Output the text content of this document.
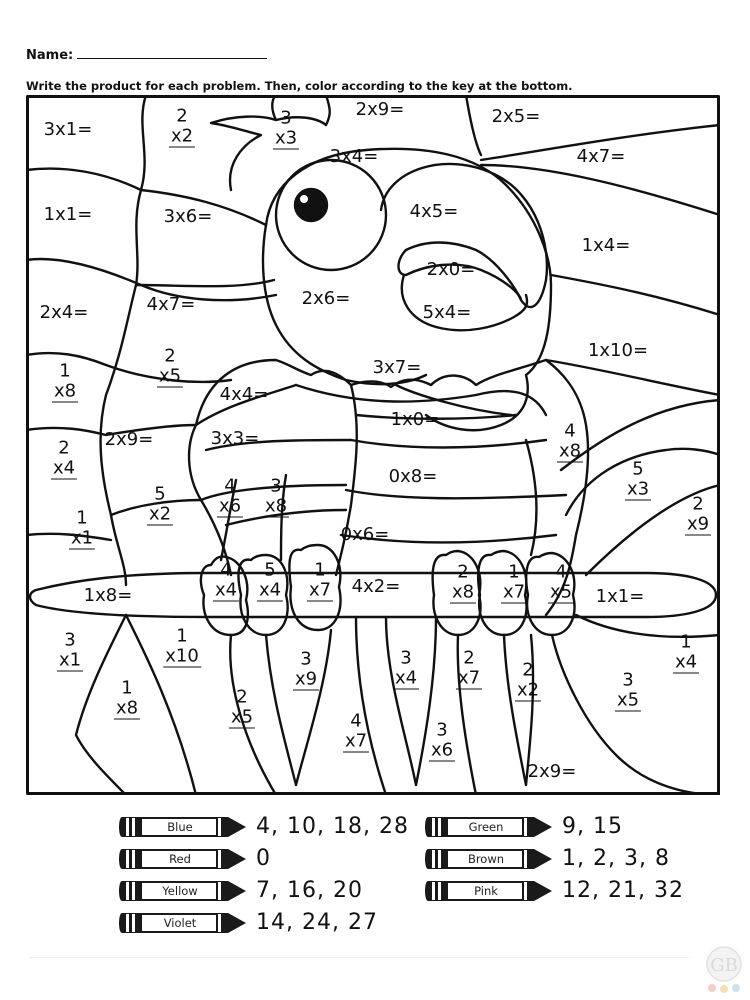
Name:
Write the product for each problem. Then, color according to the key at the bottom.
3x1=
2
x2
3
x3
2x9=	2x5=
3x4=	4x7=
1x1=	3x6=	4x5=
1x4=
2x0=
2x4=	4x7=	2x6=
5x4=
1x10=
3x7=
1
x8
2
x5
4x4=
1x0=
4
x8
2
x4
2x9=	3x3=
0x8=	5
x3
5
x2
4
x6
3
x8	2
x9
1
x1	0x6=
1x8=
4
x4
5
x4
1
x7 4x2=
2
x8
1
x7
4
x5 1x1=
3
x1
1
x10
1
x4
3
x9
3
x4
2
x7	2
x2	3
x5
1
x8
2
x5	4
x7
3
x6
2x9=
Blue	4, 10, 18, 28
Red	0
Yellow	7, 16, 20
Violet	14, 24, 27
Green	9, 15
Brown	1, 2, 3, 8
Pink	12, 21, 32
GB
